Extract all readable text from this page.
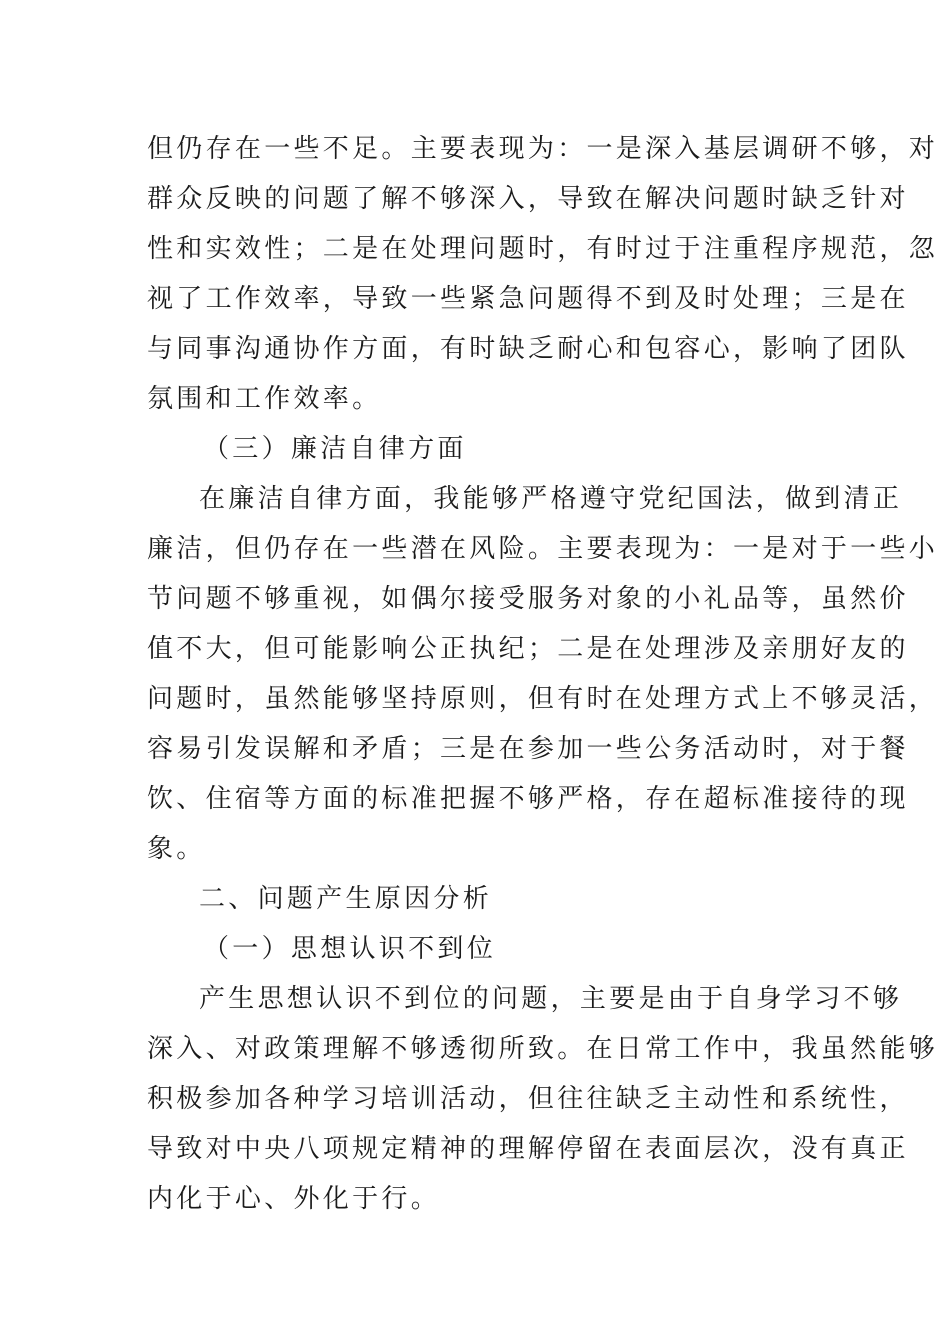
但仍存在一些不足。主要表现为：一是深入基层调研不够，对
群众反映的问题了解不够深入，导致在解决问题时缺乏针对
性和实效性；二是在处理问题时，有时过于注重程序规范，忽
视了工作效率，导致一些紧急问题得不到及时处理；三是在
与同事沟通协作方面，有时缺乏耐心和包容心，影响了团队
氛围和工作效率。
（三）廉洁自律方面
在廉洁自律方面，我能够严格遵守党纪国法，做到清正
廉洁，但仍存在一些潜在风险。主要表现为：一是对于一些小
节问题不够重视，如偶尔接受服务对象的小礼品等，虽然价
值不大，但可能影响公正执纪；二是在处理涉及亲朋好友的
问题时，虽然能够坚持原则，但有时在处理方式上不够灵活，
容易引发误解和矛盾；三是在参加一些公务活动时，对于餐
饮、住宿等方面的标准把握不够严格，存在超标准接待的现
象。
二、问题产生原因分析
（一）思想认识不到位
产生思想认识不到位的问题，主要是由于自身学习不够
深入、对政策理解不够透彻所致。在日常工作中，我虽然能够
积极参加各种学习培训活动，但往往缺乏主动性和系统性，
导致对中央八项规定精神的理解停留在表面层次，没有真正
内化于心、外化于行。
